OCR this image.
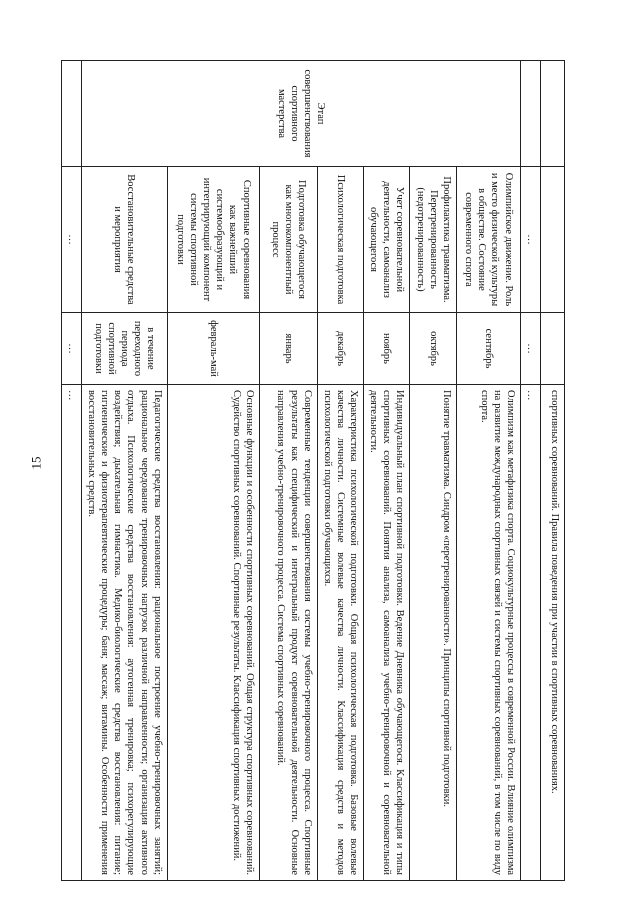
15
				спортивных соревнований. Правила поведения при участии в спортивных соревнованиях.
	…	…	…
Этап совершенствования спортивного мастерства	Олимпийское движение. Роль и место физической культуры в обществе. Состояние современного спорта	сентябрь	Олимпизм как метафизика спорта. Социокультурные процессы в современной России. Влияние олимпизма на развитие международных спортивных связей и системы спортивных соревнований, в том числе по виду спорта.
	Профилактика травматизма. Перетренированность (недотренированность)	октябрь	Понятие травматизма. Синдром «перетренированности». Принципы спортивной подготовки.
	Учет соревновательной деятельности, самоанализ обучающегося	ноябрь	Индивидуальный план спортивной подготовки. Ведение Дневника обучающегося. Классификация и типы спортивных соревнований. Понятия анализа, самоанализа учебно-тренировочной и соревновательной деятельности.
	Психологическая подготовка	декабрь	Характеристика психологической подготовки. Общая психологическая подготовка. Базовые волевые качества личности. Системные волевые качества личности. Классификация средств и методов психологической подготовки обучающихся.
	Подготовка обучающегося как многокомпонентный процесс	январь	Современные тенденции совершенствования системы учебно-тренировочного процесса. Спортивные результаты как специфический и интегральный продукт соревновательной деятельности. Основные направления учебно-тренировочного процесса. Система спортивных соревнований.
	Спортивные соревнования как важнейший системообразующий и интегрирующий компонент системы спортивной подготовки	февраль-май	Основные функции и особенности спортивных соревнований. Общая структура спортивных соревнований. Судейство спортивных соревнований. Спортивные результаты. Классификация спортивных достижений.
	Восстановительные средства и мероприятия	в течение переходного периода спортивной подготовки	Педагогические средства восстановления: рациональное построение учебно-тренировочных занятий; рациональное чередование тренировочных нагрузок различной направленности; организация активного отдыха. Психологические средства восстановления: аутогенная тренировка; психорегулирующие воздействия; дыхательная гимнастика. Медико-биологические средства восстановления: питание; гигиенические и физиотерапевтические процедуры; баня; массаж; витамины. Особенности применения восстановительных средств.
	…	…	…
